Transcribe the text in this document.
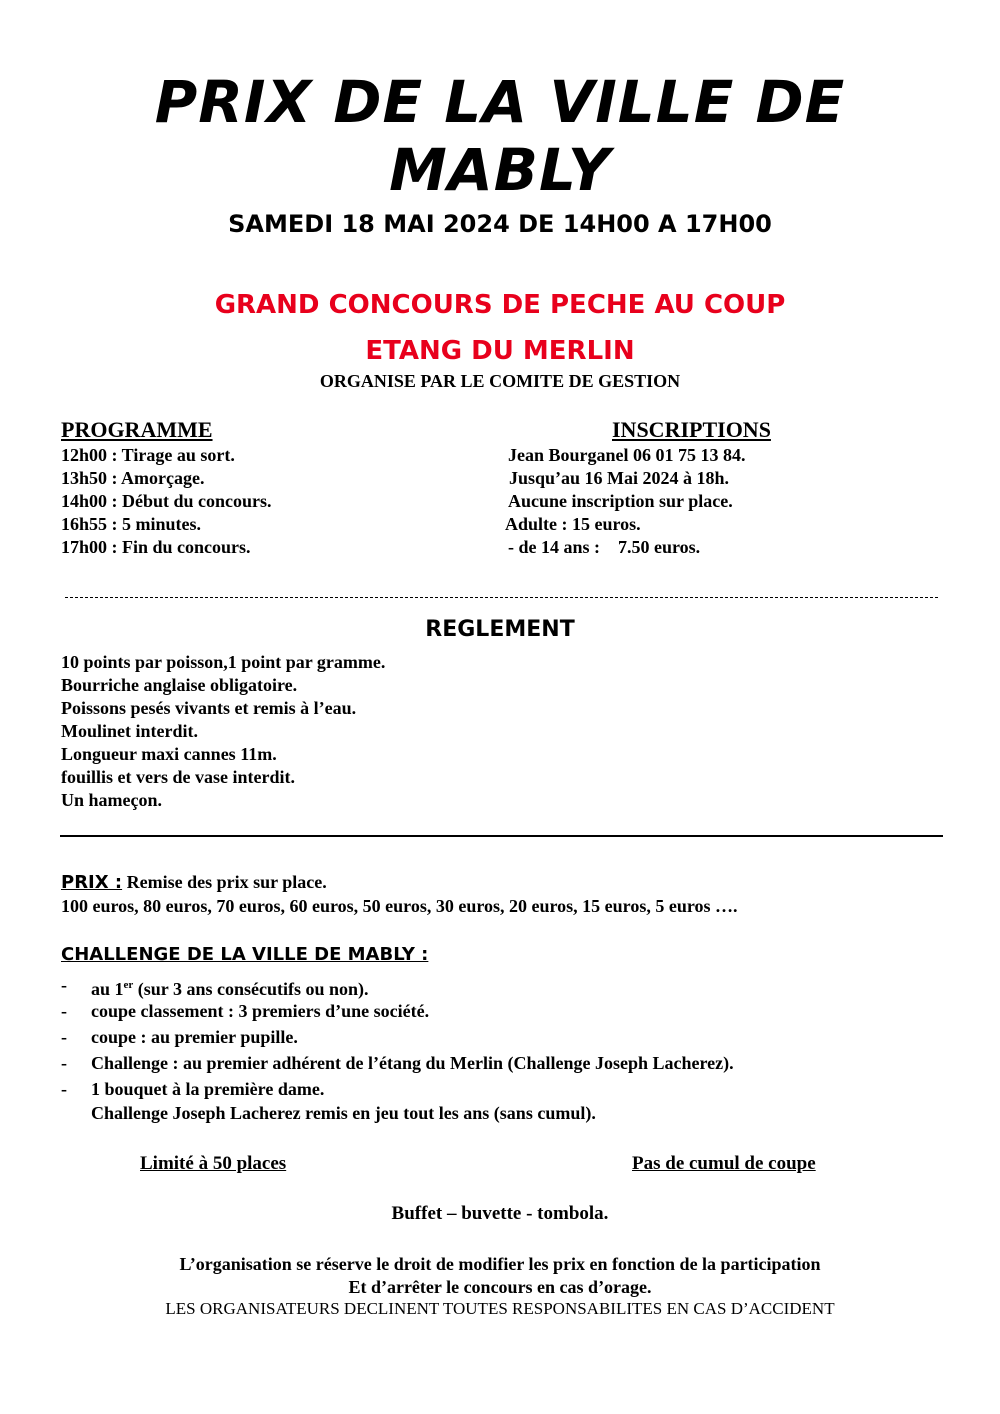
PRIX DE LA VILLE DE
MABLY
SAMEDI 18 MAI 2024 DE 14H00 A 17H00
GRAND CONCOURS DE PECHE AU COUP
ETANG DU MERLIN
ORGANISE PAR LE COMITE DE GESTION
PROGRAMME
12h00 : Tirage au sort.
13h50 : Amorçage.
14h00 : Début du concours.
16h55 : 5 minutes.
17h00 : Fin du concours.
INSCRIPTIONS
Jean Bourganel 06 01 75 13 84.
Jusqu’au 16 Mai 2024 à 18h.
Aucune inscription sur place.
Adulte : 15 euros.
- de 14 ans :    7.50 euros.
REGLEMENT
10 points par poisson,1 point par gramme.
Bourriche anglaise obligatoire.
Poissons pesés vivants et remis à l’eau.
Moulinet interdit.
Longueur maxi cannes 11m.
fouillis et vers de vase interdit.
Un hameçon.
PRIX : Remise des prix sur place.
100 euros, 80 euros, 70 euros, 60 euros, 50 euros, 30 euros, 20 euros, 15 euros, 5 euros ….
CHALLENGE DE LA VILLE DE MABLY :
- au 1er (sur 3 ans consécutifs ou non).
- coupe classement : 3 premiers d’une société.
- coupe : au premier pupille.
- Challenge : au premier adhérent de l’étang du Merlin (Challenge Joseph Lacherez).
- 1 bouquet à la première dame.
Challenge Joseph Lacherez remis en jeu tout les ans (sans cumul).
Limité à 50 places	Pas de cumul de coupe
Buffet – buvette - tombola.
L’organisation se réserve le droit de modifier les prix en fonction de la participation
Et d’arrêter le concours en cas d’orage.
LES ORGANISATEURS DECLINENT TOUTES RESPONSABILITES EN CAS D’ACCIDENT
